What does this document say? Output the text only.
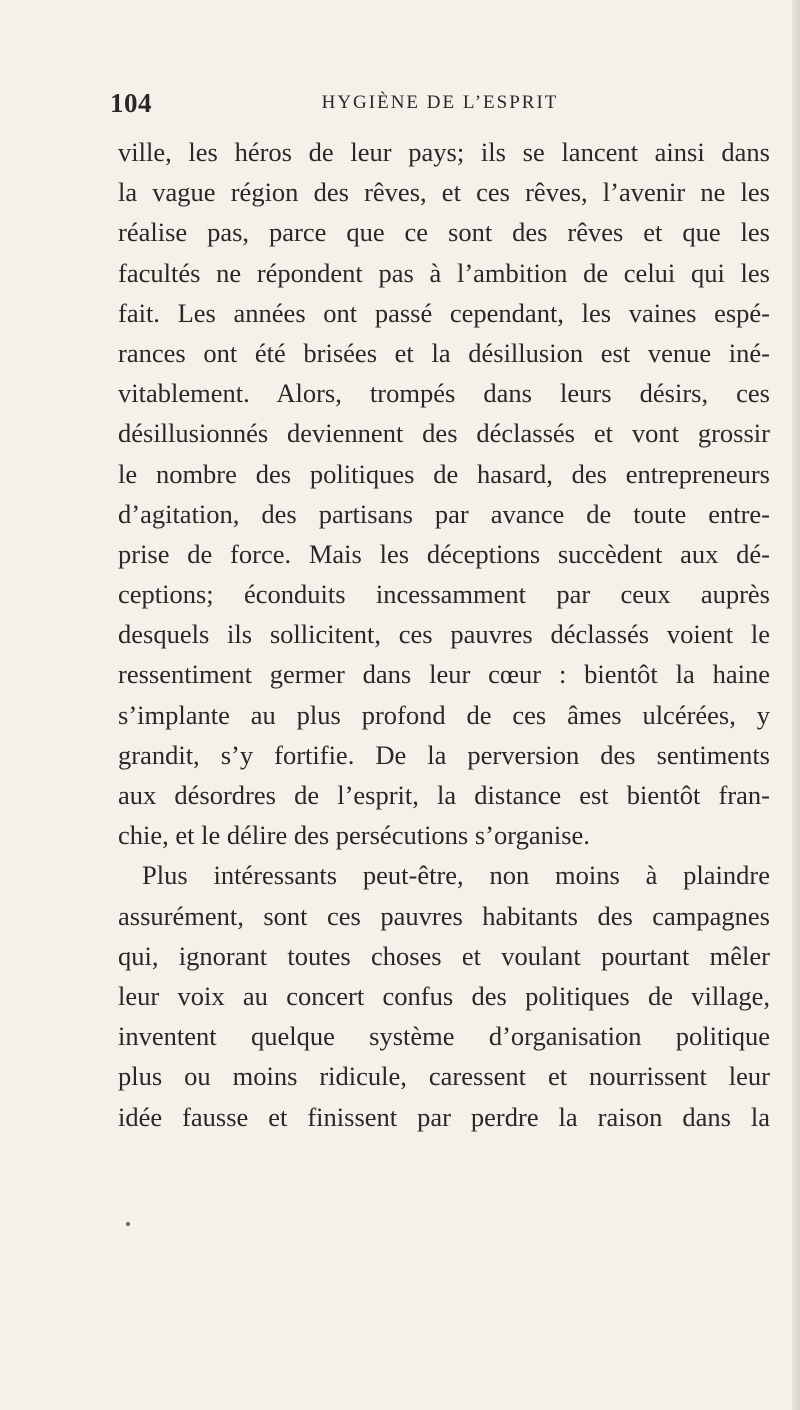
104	HYGIÈNE DE L’ESPRIT
ville, les héros de leur pays; ils se lancent ainsi dans
la vague région des rêves, et ces rêves, l’avenir ne les
réalise pas, parce que ce sont des rêves et que les
facultés ne répondent pas à l’ambition de celui qui les
fait. Les années ont passé cependant, les vaines espé-
rances ont été brisées et la désillusion est venue iné-
vitablement. Alors, trompés dans leurs désirs, ces
désillusionnés deviennent des déclassés et vont grossir
le nombre des politiques de hasard, des entrepreneurs
d’agitation, des partisans par avance de toute entre-
prise de force. Mais les déceptions succèdent aux dé-
ceptions; éconduits incessamment par ceux auprès
desquels ils sollicitent, ces pauvres déclassés voient le
ressentiment germer dans leur cœur : bientôt la haine
s’implante au plus profond de ces âmes ulcérées, y
grandit, s’y fortifie. De la perversion des sentiments
aux désordres de l’esprit, la distance est bientôt fran-
chie, et le délire des persécutions s’organise.
Plus intéressants peut-être, non moins à plaindre
assurément, sont ces pauvres habitants des campagnes
qui, ignorant toutes choses et voulant pourtant mêler
leur voix au concert confus des politiques de village,
inventent quelque système d’organisation politique
plus ou moins ridicule, caressent et nourrissent leur
idée fausse et finissent par perdre la raison dans la
